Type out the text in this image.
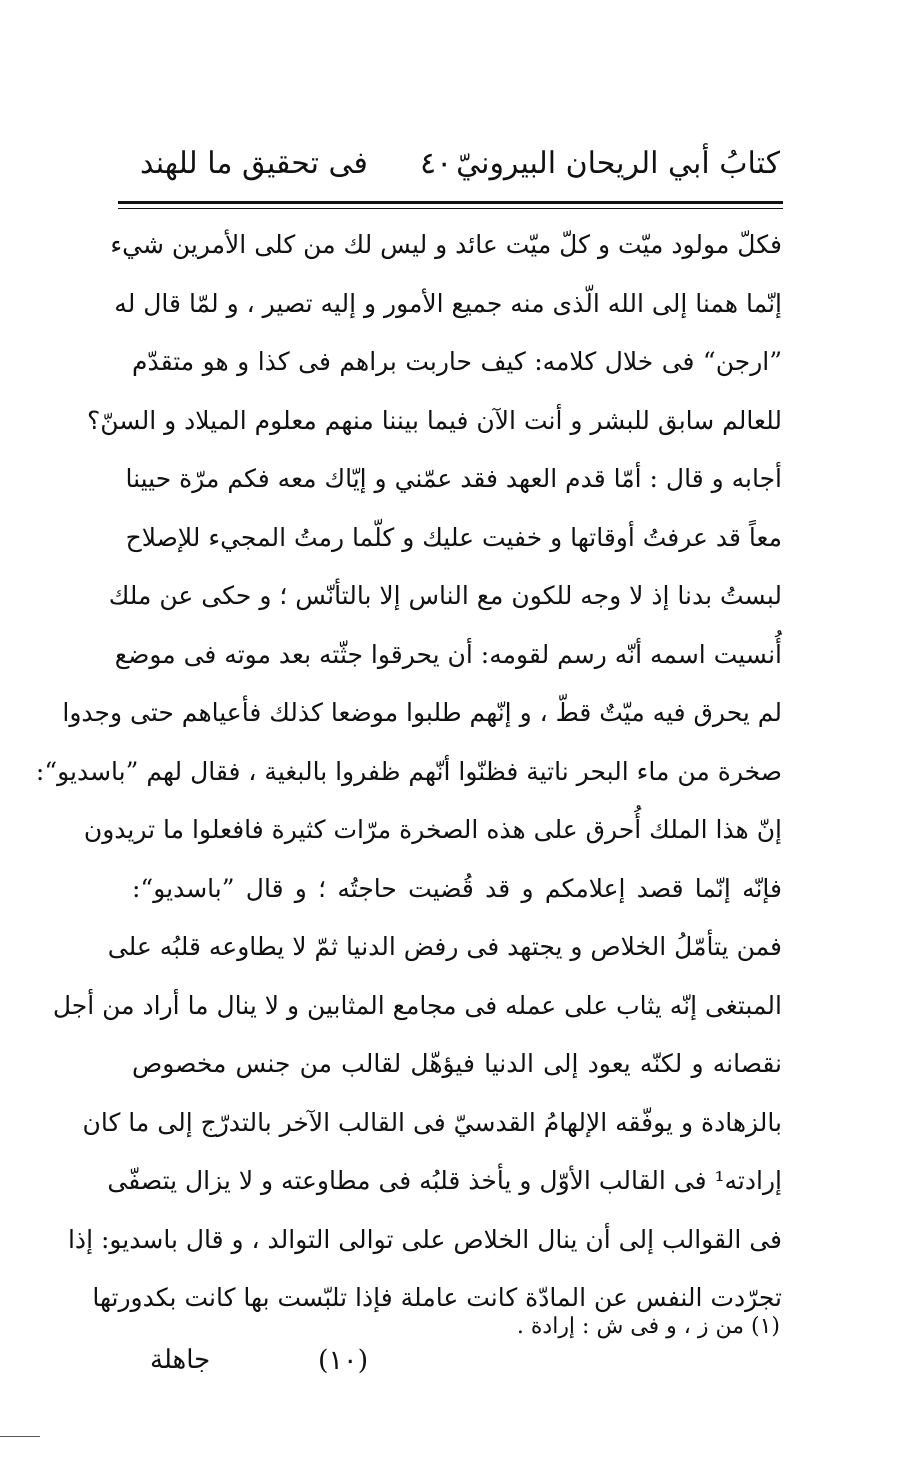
كتابُ أبي الريحان البيرونيّ
٤٠
فى تحقيق ما للهند
فكلّ مولود ميّت و كلّ ميّت عائد و ليس لك من كلى الأمرين شيء
إنّما همنا إلى الله الّذى منه جميع الأمور و إليه تصير ، و لمّا قال له
”ارجن“ فى خلال كلامه: كيف حاربت براهم فى كذا و هو متقدّم
للعالم سابق للبشر و أنت الآن فيما بيننا منهم معلوم الميلاد و السنّ؟
أجابه و قال : أمّا قدم العهد فقد عمّني و إيّاك معه فكم مرّة حيينا
معاً قد عرفتُ أوقاتها و خفيت عليك و كلّما رمتُ المجيء للإصلاح
لبستُ بدنا إذ لا وجه للكون مع الناس إلا بالتأنّس ؛ و حكى عن ملك
أُنسيت اسمه أنّه رسم لقومه: أن يحرقوا جثّته بعد موته فى موضع
لم يحرق فيه ميّتٌ قطّ ، و إنّهم طلبوا موضعا كذلك فأعياهم حتى وجدوا
صخرة من ماء البحر ناتية فظنّوا أنّهم ظفروا بالبغية ، فقال لهم ”باسديو“:
إنّ هذا الملك أُحرق على هذه الصخرة مرّات كثيرة فافعلوا ما تريدون
فإنّه إنّما قصد إعلامكم و قد قُضيت حاجتُه ؛ و قال ”باسديو“:
فمن يتأمّلُ الخلاص و يجتهد فى رفض الدنيا ثمّ لا يطاوعه قلبُه على
المبتغى إنّه يثاب على عمله فى مجامع المثابين و لا ينال ما أراد من أجل
نقصانه و لكنّه يعود إلى الدنيا فيؤهّل لقالب من جنس مخصوص
بالزهادة و يوفّقه الإلهامُ القدسيّ فى القالب الآخر بالتدرّج إلى ما كان
إرادته¹ فى القالب الأوّل و يأخذ قلبُه فى مطاوعته و لا يزال يتصفّى
فى القوالب إلى أن ينال الخلاص على توالى التوالد ، و قال باسديو: إذا
تجرّدت النفس عن المادّة كانت عاملة فإذا تلبّست بها كانت بكدورتها
(١) من ز ، و فى ش : إرادة .
(١٠)
جاهلة
